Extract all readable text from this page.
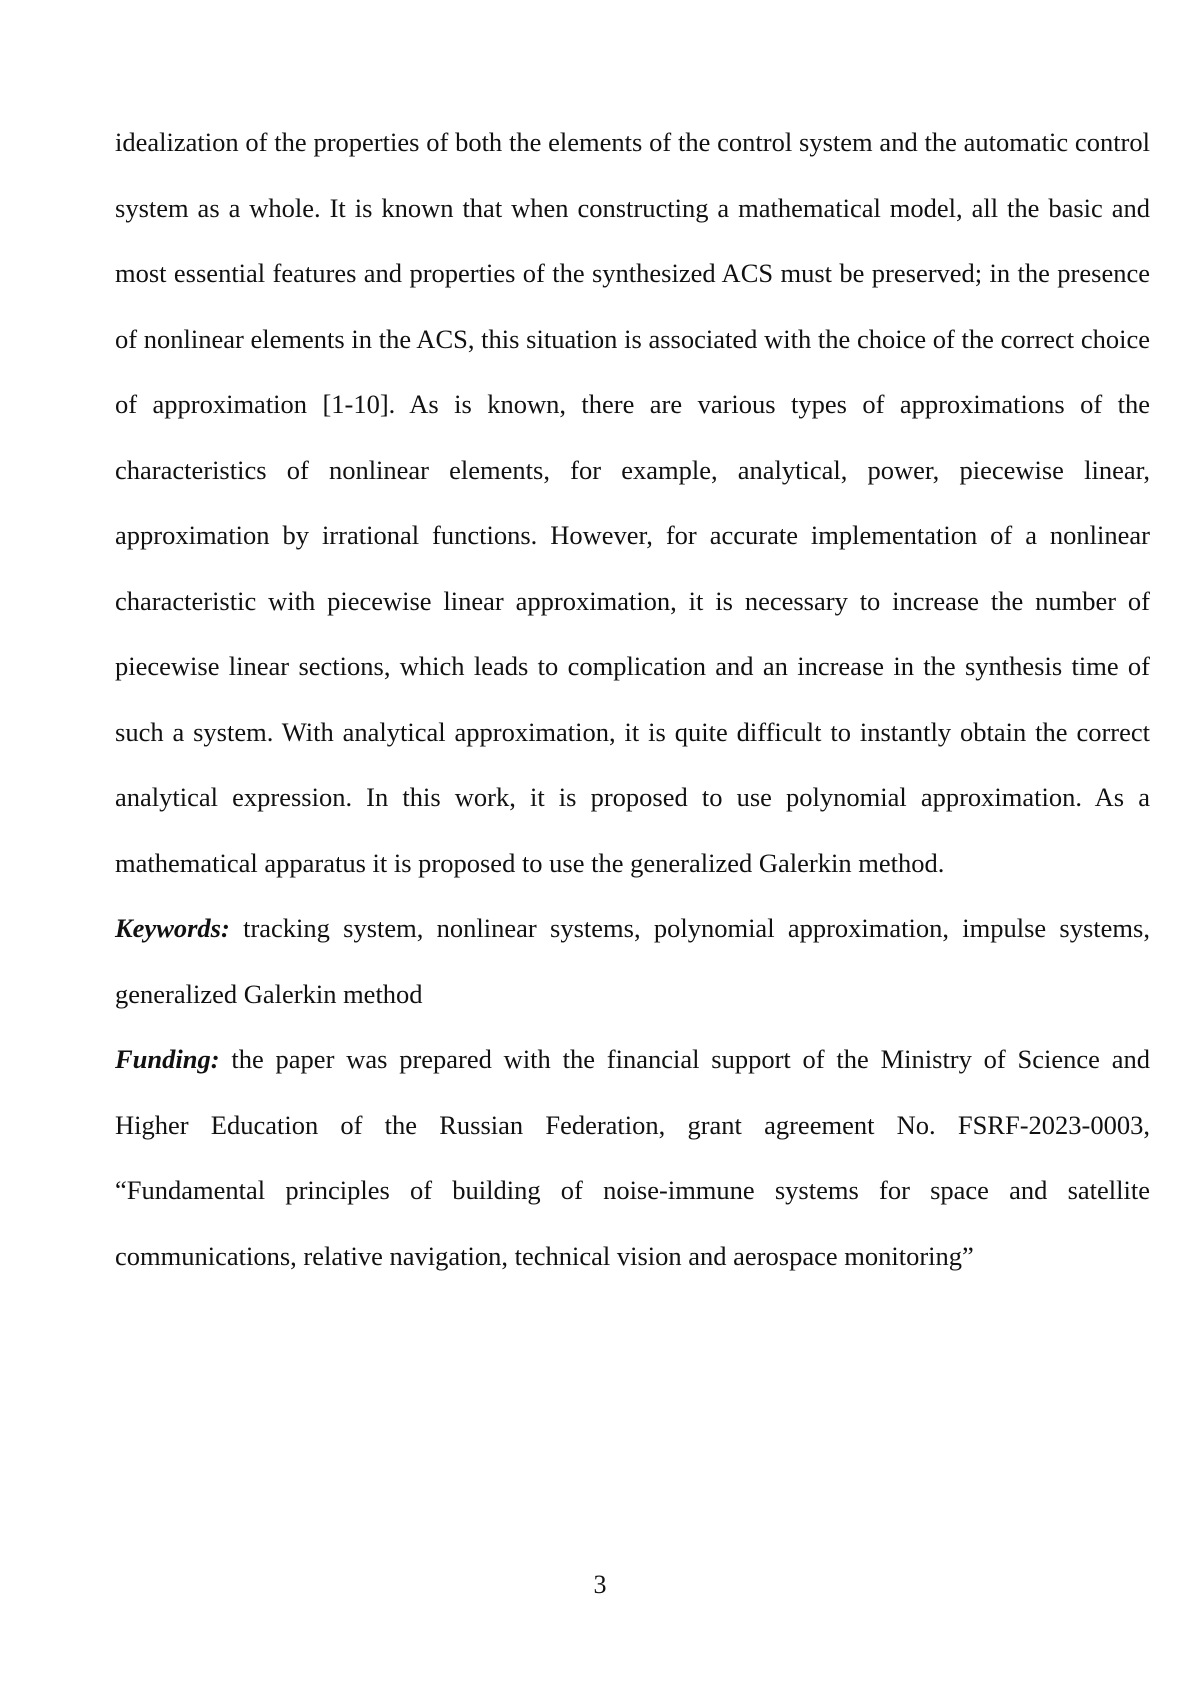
idealization of the properties of both the elements of the control system and the automatic control system as a whole. It is known that when constructing a mathematical model, all the basic and most essential features and properties of the synthesized ACS must be preserved; in the presence of nonlinear elements in the ACS, this situation is associated with the choice of the correct choice of approximation [1-10]. As is known, there are various types of approximations of the characteristics of nonlinear elements, for example, analytical, power, piecewise linear, approximation by irrational functions. However, for accurate implementation of a nonlinear characteristic with piecewise linear approximation, it is necessary to increase the number of piecewise linear sections, which leads to complication and an increase in the synthesis time of such a system. With analytical approximation, it is quite difficult to instantly obtain the correct analytical expression. In this work, it is proposed to use polynomial approximation. As a mathematical apparatus it is proposed to use the generalized Galerkin method.

Keywords: tracking system, nonlinear systems, polynomial approximation, impulse systems, generalized Galerkin method

Funding: the paper was prepared with the financial support of the Ministry of Science and Higher Education of the Russian Federation, grant agreement No. FSRF-2023-0003, “Fundamental principles of building of noise-immune systems for space and satellite communications, relative navigation, technical vision and aerospace monitoring”

3
